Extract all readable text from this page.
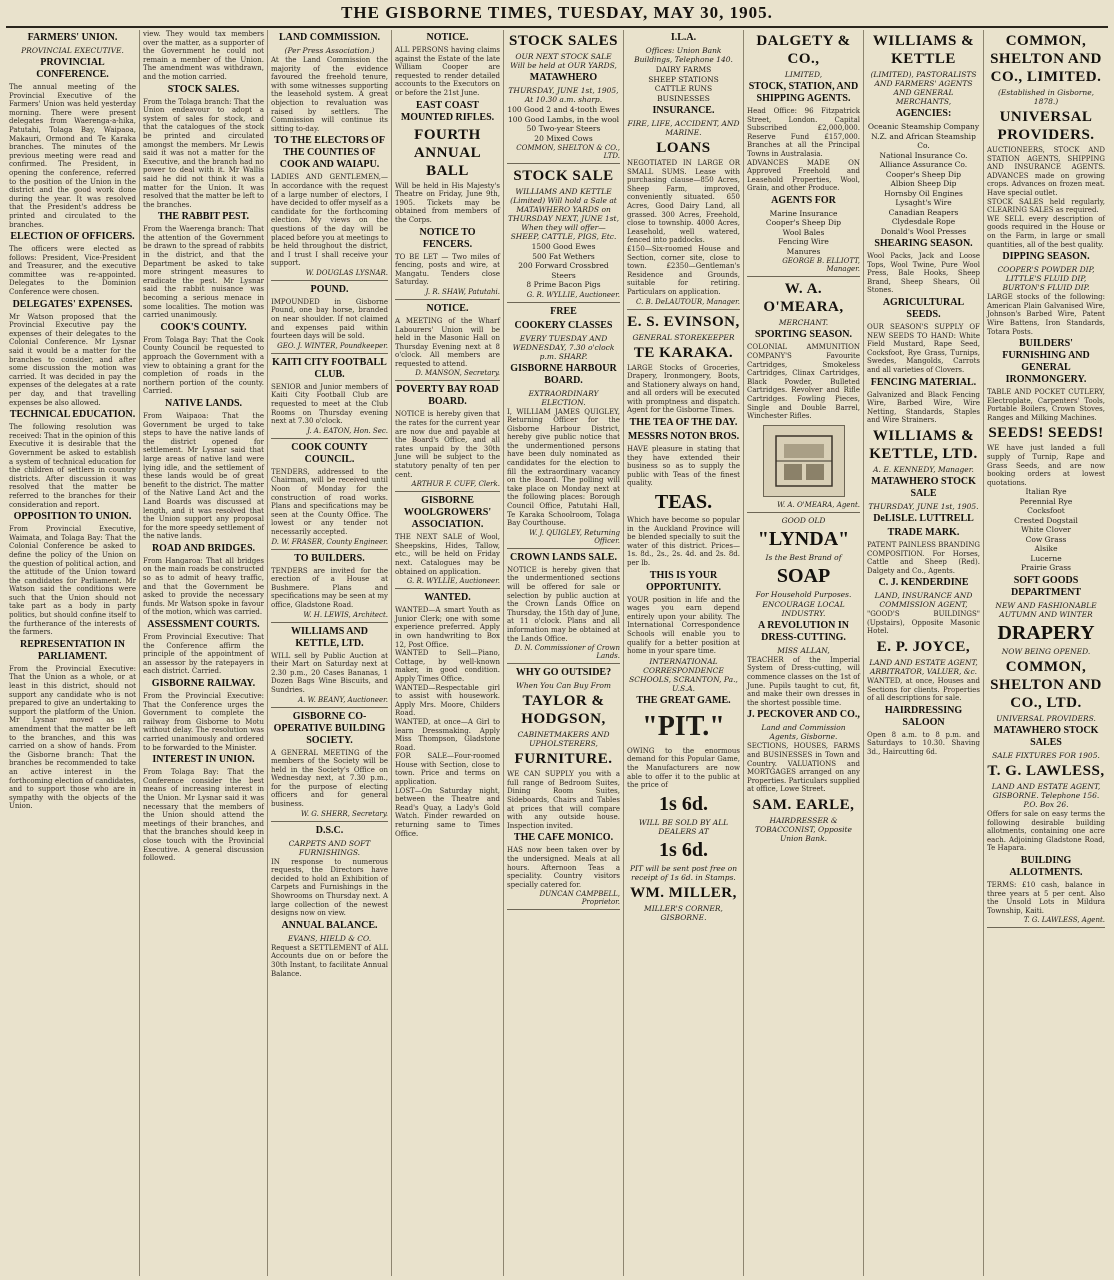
THE GISBORNE TIMES, TUESDAY, MAY 30, 1905.
FARMERS' UNION.
PROVINCIAL EXECUTIVE.
PROVINCIAL CONFERENCE.

The annual meeting of the Provincial Executive of the Farmers' Union was held yesterday morning. There were present delegates from Waerenga-a-hika, Patutahi, Tolaga Bay, Waipaoa, Makauri, Ormond and Te Karaka branches. The minutes of the previous meeting were read and confirmed. The President, in opening the conference, referred to the position of the Union in the district and the good work done during the year. It was resolved that the President's address be printed and circulated to the branches.

ELECTION OF OFFICERS.

The officers were elected as follows: President, Vice-President and Treasurer, and the executive committee was re-appointed. Delegates to the Dominion Conference were chosen.

DELEGATES' EXPENSES.

Mr Watson proposed that the Provincial Executive pay the expenses of their delegates to the Colonial Conference. Mr Lysnar said it would be a matter for the branches to consider, and after some discussion the motion was carried. It was decided in pay the expenses of the delegates at a rate per day, and that travelling expenses be also allowed.

TECHNICAL EDUCATION.

The following resolution was received: That in the opinion of this Executive it is desirable that the Government be asked to establish a system of technical education for the children of settlers in country districts. After discussion it was resolved that the matter be referred to the branches for their consideration and report.

OPPOSITION TO UNION.

From Provincial Executive, Waimata, and Tolaga Bay: That the Colonial Conference be asked to define the policy of the Union on the question of political action, and the attitude of the Union toward the candidates for Parliament. Mr Watson said the conditions were such that the Union should not take part as a body in party politics, but should confine itself to the furtherance of the interests of the farmers.

REPRESENTATION IN PARLIAMENT.

From the Provincial Executive: That the Union as a whole, or at least in this district, should not support any candidate who is not prepared to give an undertaking to support the platform of the Union. Mr Lysnar moved as an amendment that the matter be left to the branches, and this was carried on a show of hands. From the Gisborne branch: That the branches be recommended to take an active interest in the forthcoming election of candidates, and to support those who are in sympathy with the objects of the Union.

view. They would tax members over the matter, as a supporter of the Government he could not remain a member of the Union. The amendment was withdrawn, and the motion carried.

STOCK SALES.

From the Tolaga branch: That the Union endeavour to adopt a system of sales for stock, and that the catalogues of the stock be printed and circulated amongst the members. Mr Lewis said it was not a matter for the Executive, and the branch had no power to deal with it. Mr Wallis said he did not think it was a matter for the Union. It was resolved that the matter be left to the branches.

THE RABBIT PEST.

From the Waerenga branch: That the attention of the Government be drawn to the spread of rabbits in the district, and that the Department be asked to take more stringent measures to eradicate the pest. Mr Lysnar said the rabbit nuisance was becoming a serious menace in some localities. The motion was carried unanimously.

COOK'S COUNTY.

From Tolaga Bay: That the Cook County Council be requested to approach the Government with a view to obtaining a grant for the completion of roads in the northern portion of the county. Carried.

NATIVE LANDS.

From Waipaoa: That the Government be urged to take steps to have the native lands of the district opened for settlement. Mr Lysnar said that large areas of native land were lying idle, and the settlement of these lands would be of great benefit to the district. The matter of the Native Land Act and the Land Boards was discussed at length, and it was resolved that the Union support any proposal for the more speedy settlement of the native lands.

ROAD AND BRIDGES.

From Hangaroa: That all bridges on the main roads be constructed so as to admit of heavy traffic, and that the Government be asked to provide the necessary funds. Mr Watson spoke in favour of the motion, which was carried.

ASSESSMENT COURTS.

From Provincial Executive: That the Conference affirm the principle of the appointment of an assessor by the ratepayers in each district. Carried.

GISBORNE RAILWAY.

From the Provincial Executive: That the Conference urges the Government to complete the railway from Gisborne to Motu without delay. The resolution was carried unanimously and ordered to be forwarded to the Minister.

INTEREST IN UNION.

From Tolaga Bay: That the Conference consider the best means of increasing interest in the Union. Mr Lysnar said it was necessary that the members of the Union should attend the meetings of their branches, and that the branches should keep in close touch with the Provincial Executive. A general discussion followed.

LAND COMMISSION.
(Per Press Association.)

At the Land Commission the majority of the evidence favoured the freehold tenure, with some witnesses supporting the leasehold system. A great objection to revaluation was raised by settlers. The Commission will continue its sitting to-day.

TO THE ELECTORS OF THE COUNTIES OF COOK AND WAIAPU.

LADIES AND GENTLEMEN,— In accordance with the request of a large number of electors, I have decided to offer myself as a candidate for the forthcoming election. My views on the questions of the day will be placed before you at meetings to be held throughout the district, and I trust I shall receive your support.

W. DOUGLAS LYSNAR.
POUND.

IMPOUNDED in Gisborne Pound, one bay horse, branded on near shoulder. If not claimed and expenses paid within fourteen days will be sold.

GEO. J. WINTER, Poundkeeper.
KAITI CITY FOOTBALL CLUB.

SENIOR and Junior members of Kaiti City Football Club are requested to meet at the Club Rooms on Thursday evening next at 7.30 o'clock.

J. A. EATON, Hon. Sec.
COOK COUNTY COUNCIL.

TENDERS, addressed to the Chairman, will be received until Noon of Monday for the construction of road works. Plans and specifications may be seen at the County Office. The lowest or any tender not necessarily accepted.

D. W. FRASER, County Engineer.
TO BUILDERS.

TENDERS are invited for the erection of a House at Bushmere. Plans and specifications may be seen at my office, Gladstone Road.

W. H. LEWIS, Architect.
WILLIAMS AND KETTLE, LTD.

WILL sell by Public Auction at their Mart on Saturday next at 2.30 p.m., 20 Cases Bananas, 1 Dozen Bags Wine Biscuits, and Sundries.

A. W. BEANY, Auctioneer.
GISBORNE CO-OPERATIVE BUILDING SOCIETY.

A GENERAL MEETING of the members of the Society will be held in the Society's Office on Wednesday next, at 7.30 p.m., for the purpose of electing officers and for general business.

W. G. SHERR, Secretary.
D.S.C.
CARPETS AND SOFT FURNISHINGS.

IN response to numerous requests, the Directors have decided to hold an Exhibition of Carpets and Furnishings in the Showrooms on Thursday next. A large collection of the newest designs now on view.

ANNUAL BALANCE.
EVANS, HIELD & CO.

Request a SETTLEMENT of ALL Accounts due on or before the 30th Instant, to facilitate Annual Balance.

NOTICE.

ALL PERSONS having claims against the Estate of the late William Cooper are requested to render detailed accounts to the Executors on or before the 21st June.

EAST COAST MOUNTED RIFLES.
FOURTH ANNUAL BALL

Will be held in His Majesty's Theatre on Friday, June 9th, 1905. Tickets may be obtained from members of the Corps.

NOTICE TO FENCERS.

TO BE LET — Two miles of fencing, posts and wire, at Mangatu. Tenders close Saturday.

J. R. SHAW, Patutahi.
NOTICE.

A MEETING of the Wharf Labourers' Union will be held in the Masonic Hall on Thursday Evening next at 8 o'clock. All members are requested to attend.

D. MANSON, Secretary.
POVERTY BAY ROAD BOARD.

NOTICE is hereby given that the rates for the current year are now due and payable at the Board's Office, and all rates unpaid by the 30th June will be subject to the statutory penalty of ten per cent.

ARTHUR F. CUFF, Clerk.
GISBORNE WOOLGROWERS' ASSOCIATION.

THE NEXT SALE of Wool, Sheepskins, Hides, Tallow, etc., will be held on Friday next. Catalogues may be obtained on application.

G. R. WYLLIE, Auctioneer.
WANTED.

WANTED—A smart Youth as Junior Clerk; one with some experience preferred. Apply in own handwriting to Box 12, Post Office.

WANTED to Sell—Piano, Cottage, by well-known maker, in good condition. Apply Times Office.

WANTED—Respectable girl to assist with housework. Apply Mrs. Moore, Childers Road.

WANTED, at once—A Girl to learn Dressmaking. Apply Miss Thompson, Gladstone Road.

FOR SALE—Four-roomed House with Section, close to town. Price and terms on application.

LOST—On Saturday night, between the Theatre and Read's Quay, a Lady's Gold Watch. Finder rewarded on returning same to Times Office.

STOCK SALES
OUR NEXT STOCK SALE Will be held at OUR YARDS,
MATAWHERO
THURSDAY, JUNE 1st, 1905, At 10.30 a.m. sharp.
100 Good 2 and 4-tooth Ewes
100 Good Lambs, in the wool
50 Two-year Steers
20 Mixed Cows
COMMON, SHELTON & CO., LTD.
STOCK SALE
WILLIAMS AND KETTLE (Limited) Will hold a Sale at MATAWHERO YARDS on THURSDAY NEXT, JUNE 1st, When they will offer— SHEEP, CATTLE, PIGS, Etc.
1500 Good Ewes
500 Fat Wethers
200 Forward Crossbred Steers
8 Prime Bacon Pigs
G. R. WYLLIE, Auctioneer.
FREE
COOKERY CLASSES
EVERY TUESDAY AND WEDNESDAY, 7.30 o'clock p.m. SHARP.
GISBORNE HARBOUR BOARD.
EXTRAORDINARY ELECTION.

I, WILLIAM JAMES QUIGLEY, Returning Officer for the Gisborne Harbour District, hereby give public notice that the undermentioned persons have been duly nominated as candidates for the election to fill the extraordinary vacancy on the Board. The polling will take place on Monday next at the following places: Borough Council Office, Patutahi Hall, Te Karaka Schoolroom, Tolaga Bay Courthouse.

W. J. QUIGLEY, Returning Officer.
CROWN LANDS SALE.

NOTICE is hereby given that the undermentioned sections will be offered for sale or selection by public auction at the Crown Lands Office on Thursday, the 15th day of June, at 11 o'clock. Plans and all information may be obtained at the Lands Office.

D. N. Commissioner of Crown Lands.
WHY GO OUTSIDE?
When You Can Buy From
TAYLOR & HODGSON,
CABINETMAKERS AND UPHOLSTERERS,
FURNITURE.

WE CAN SUPPLY you with a full range of Bedroom Suites, Dining Room Suites, Sideboards, Chairs and Tables at prices that will compare with any outside house. Inspection invited.

THE CAFE MONICO.

HAS now been taken over by the undersigned. Meals at all hours. Afternoon Teas a speciality. Country visitors specially catered for.

DUNCAN CAMPBELL, Proprietor.
I.L.A.
Offices: Union Bank Buildings, Telephone 140.
DAIRY FARMS
SHEEP STATIONS
CATTLE RUNS
BUSINESSES
INSURANCE.
FIRE, LIFE, ACCIDENT, AND MARINE.
LOANS

NEGOTIATED IN LARGE OR SMALL SUMS. Lease with purchasing clause—850 Acres, Sheep Farm, improved, conveniently situated. 650 Acres, Good Dairy Land, all grassed. 300 Acres, Freehold, close to township. 4000 Acres, Leasehold, well watered, fenced into paddocks.

£150—Six-roomed House and Section, corner site, close to town. £2350—Gentleman's Residence and Grounds, suitable for retiring. Particulars on application.

C. B. DeLAUTOUR, Manager.
E. S. EVINSON,
GENERAL STOREKEEPER
TE KARAKA.

LARGE Stocks of Groceries, Drapery, Ironmongery, Boots, and Stationery always on hand, and all orders will be executed with promptness and dispatch. Agent for the Gisborne Times.

THE TEA OF THE DAY.
MESSRS NOTON BROS.

HAVE pleasure in stating that they have extended their business so as to supply the public with Teas of the finest quality.

TEAS.

Which have become so popular in the Auckland Province will be blended specially to suit the water of this district. Prices—1s. 8d., 2s., 2s. 4d. and 2s. 8d. per lb.

THIS IS YOUR OPPORTUNITY.

YOUR position in life and the wages you earn depend entirely upon your ability. The International Correspondence Schools will enable you to qualify for a better position at home in your spare time.

INTERNATIONAL CORRESPONDENCE SCHOOLS, SCRANTON, Pa., U.S.A.
THE GREAT GAME.
"PIT."

OWING to the enormous demand for this Popular Game, the Manufacturers are now able to offer it to the public at the price of

1s 6d.
WILL BE SOLD BY ALL DEALERS AT
1s 6d.
PIT will be sent post free on receipt of 1s 6d. in Stamps.
WM. MILLER,
MILLER'S CORNER, GISBORNE.
DALGETY & CO.,
LIMITED,
STOCK, STATION, AND SHIPPING AGENTS.

Head Office: 96 Fitzpatrick Street, London. Capital Subscribed £2,000,000. Reserve Fund £157,000. Branches at all the Principal Towns in Australasia.

ADVANCES MADE ON Approved Freehold and Leasehold Properties, Wool, Grain, and other Produce.

AGENTS FOR
Marine Insurance
Cooper's Sheep Dip
Wool Bales
Fencing Wire
Manures
GEORGE B. ELLIOTT, Manager.
W. A. O'MEARA,
MERCHANT.
SPORTING SEASON.

COLONIAL AMMUNITION COMPANY'S Favourite Cartridges, Smokeless Cartridges, Clinax Cartridges, Black Powder, Bulleted Cartridges. Revolver and Rifle Cartridges. Fowling Pieces, Single and Double Barrel, Winchester Rifles.

W. A. O'MEARA, Agent.
GOOD OLD
"LYNDA"
Is the Best Brand of
SOAP
For Household Purposes.
ENCOURAGE LOCAL INDUSTRY.
A REVOLUTION IN DRESS-CUTTING.
MISS ALLAN,

TEACHER of the Imperial System of Dress-cutting, will commence classes on the 1st of June. Pupils taught to cut, fit, and make their own dresses in the shortest possible time.

J. PECKOVER AND CO.,
Land and Commission Agents, Gisborne.

SECTIONS, HOUSES, FARMS and BUSINESSES in Town and Country. VALUATIONS and MORTGAGES arranged on any Properties. Particulars supplied at office, Lowe Street.

SAM. EARLE,
HAIRDRESSER & TOBACCONIST, Opposite Union Bank.
WILLIAMS & KETTLE
(LIMITED), PASTORALISTS AND FARMERS' AGENTS AND GENERAL MERCHANTS,
AGENCIES:
Oceanic Steamship Company
N.Z. and African Steamship Co.
National Insurance Co.
Alliance Assurance Co.
Cooper's Sheep Dip
Albion Sheep Dip
Hornsby Oil Engines
Lysaght's Wire
Canadian Reapers
Clydesdale Rope
Donald's Wool Presses
SHEARING SEASON.

Wool Packs, Jack and Loose Tops, Wool Twine, Pure Wool Press, Bale Hooks, Sheep Brand, Sheep Shears, Oil Stones.

AGRICULTURAL SEEDS.

OUR SEASON'S SUPPLY OF NEW SEEDS TO HAND: White Field Mustard, Rape Seed, Cocksfoot, Rye Grass, Turnips, Swedes, Mangolds, Carrots and all varieties of Clovers.

FENCING MATERIAL.

Galvanized and Black Fencing Wire, Barbed Wire, Wire Netting, Standards, Staples and Wire Strainers.

WILLIAMS & KETTLE, LTD.
A. E. KENNEDY, Manager.
MATAWHERO STOCK SALE
THURSDAY, JUNE 1st, 1905.
DeLISLE. LUTTRELL
TRADE MARK.

PATENT PAINLESS BRANDING COMPOSITION. For Horses, Cattle and Sheep (Red). Dalgety and Co., Agents.

C. J. KENDERDINE
LAND, INSURANCE AND COMMISSION AGENT,

"GOOD'S BUILDINGS" (Upstairs), Opposite Masonic Hotel.

E. P. JOYCE,
LAND AND ESTATE AGENT, ARBITRATOR, VALUER, &c.

WANTED, at once, Houses and Sections for clients. Properties of all descriptions for sale.

HAIRDRESSING SALOON

Open 8 a.m. to 8 p.m. and Saturdays to 10.30. Shaving 3d., Haircutting 6d.

COMMON, SHELTON AND CO., LIMITED.
(Established in Gisborne, 1878.)
UNIVERSAL PROVIDERS.

AUCTIONEERS, STOCK AND STATION AGENTS, SHIPPING AND INSURANCE AGENTS. ADVANCES made on growing crops. Advances on frozen meat. Have special outlet.

STOCK SALES held regularly, CLEARING SALES as required.

WE SELL every description of goods required in the House or on the Farm, in large or small quantities, all of the best quality.

DIPPING SEASON.
COOPER'S POWDER DIP, LITTLE'S FLUID DIP, BURTON'S FLUID DIP.

LARGE stocks of the following: American Plain Galvanised Wire, Johnson's Barbed Wire, Patent Wire Battens, Iron Standards, Totara Posts.

BUILDERS' FURNISHING AND GENERAL IRONMONGERY.

TABLE AND POCKET CUTLERY, Electroplate, Carpenters' Tools, Portable Boilers, Crown Stoves, Ranges and Milking Machines.

SEEDS! SEEDS!

WE have just landed a full supply of Turnip, Rape and Grass Seeds, and are now booking orders at lowest quotations.

Italian Rye
Perennial Rye
Cocksfoot
Crested Dogstail
White Clover
Cow Grass
Alsike
Lucerne
Prairie Grass
SOFT GOODS DEPARTMENT
NEW AND FASHIONABLE AUTUMN AND WINTER
DRAPERY
NOW BEING OPENED.
COMMON, SHELTON AND CO., LTD.
UNIVERSAL PROVIDERS.
MATAWHERO STOCK SALES
SALE FIXTURES FOR 1905.
T. G. LAWLESS,
LAND AND ESTATE AGENT, GISBORNE. Telephone 156. P.O. Box 26.

Offers for sale on easy terms the following desirable building allotments, containing one acre each. Adjoining Gladstone Road, Te Hapara.

BUILDING ALLOTMENTS.

TERMS: £10 cash, balance in three years at 5 per cent. Also the Unsold Lots in Mildura Township, Kaiti.

T. G. LAWLESS, Agent.
